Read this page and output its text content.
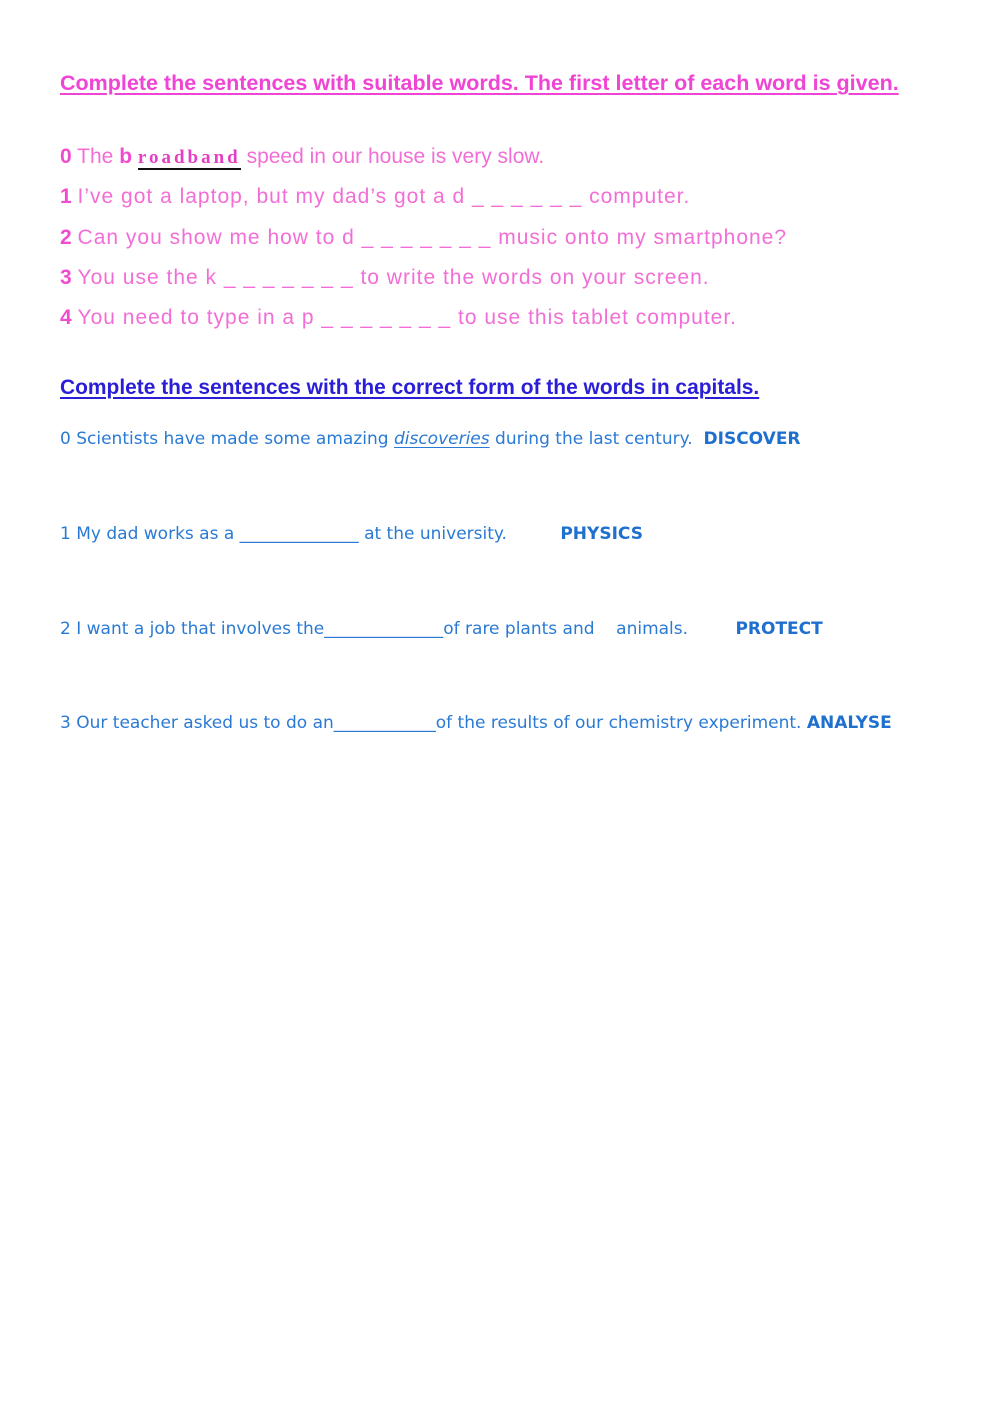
Complete the sentences with suitable words. The first letter of each word is given.

0 The b roadband speed in our house is very slow.

1 I’ve got a laptop, but my dad’s got a d _ _ _ _ _ _ computer.

2 Can you show me how to d _ _ _ _ _ _ _ music onto my smartphone?

3 You use the k _ _ _ _ _ _ _ to write the words on your screen.

4 You need to type in a p _ _ _ _ _ _ _ to use this tablet computer.

Complete the sentences with the correct form of the words in capitals.

0 Scientists have made some amazing discoveries during the last century. DISCOVER

1 My dad works as a ______________ at the university.	PHYSICS

2 I want a job that involves the______________of rare plants and    animals.	PROTECT

3 Our teacher asked us to do an____________of the results of our chemistry experiment. ANALYSE
